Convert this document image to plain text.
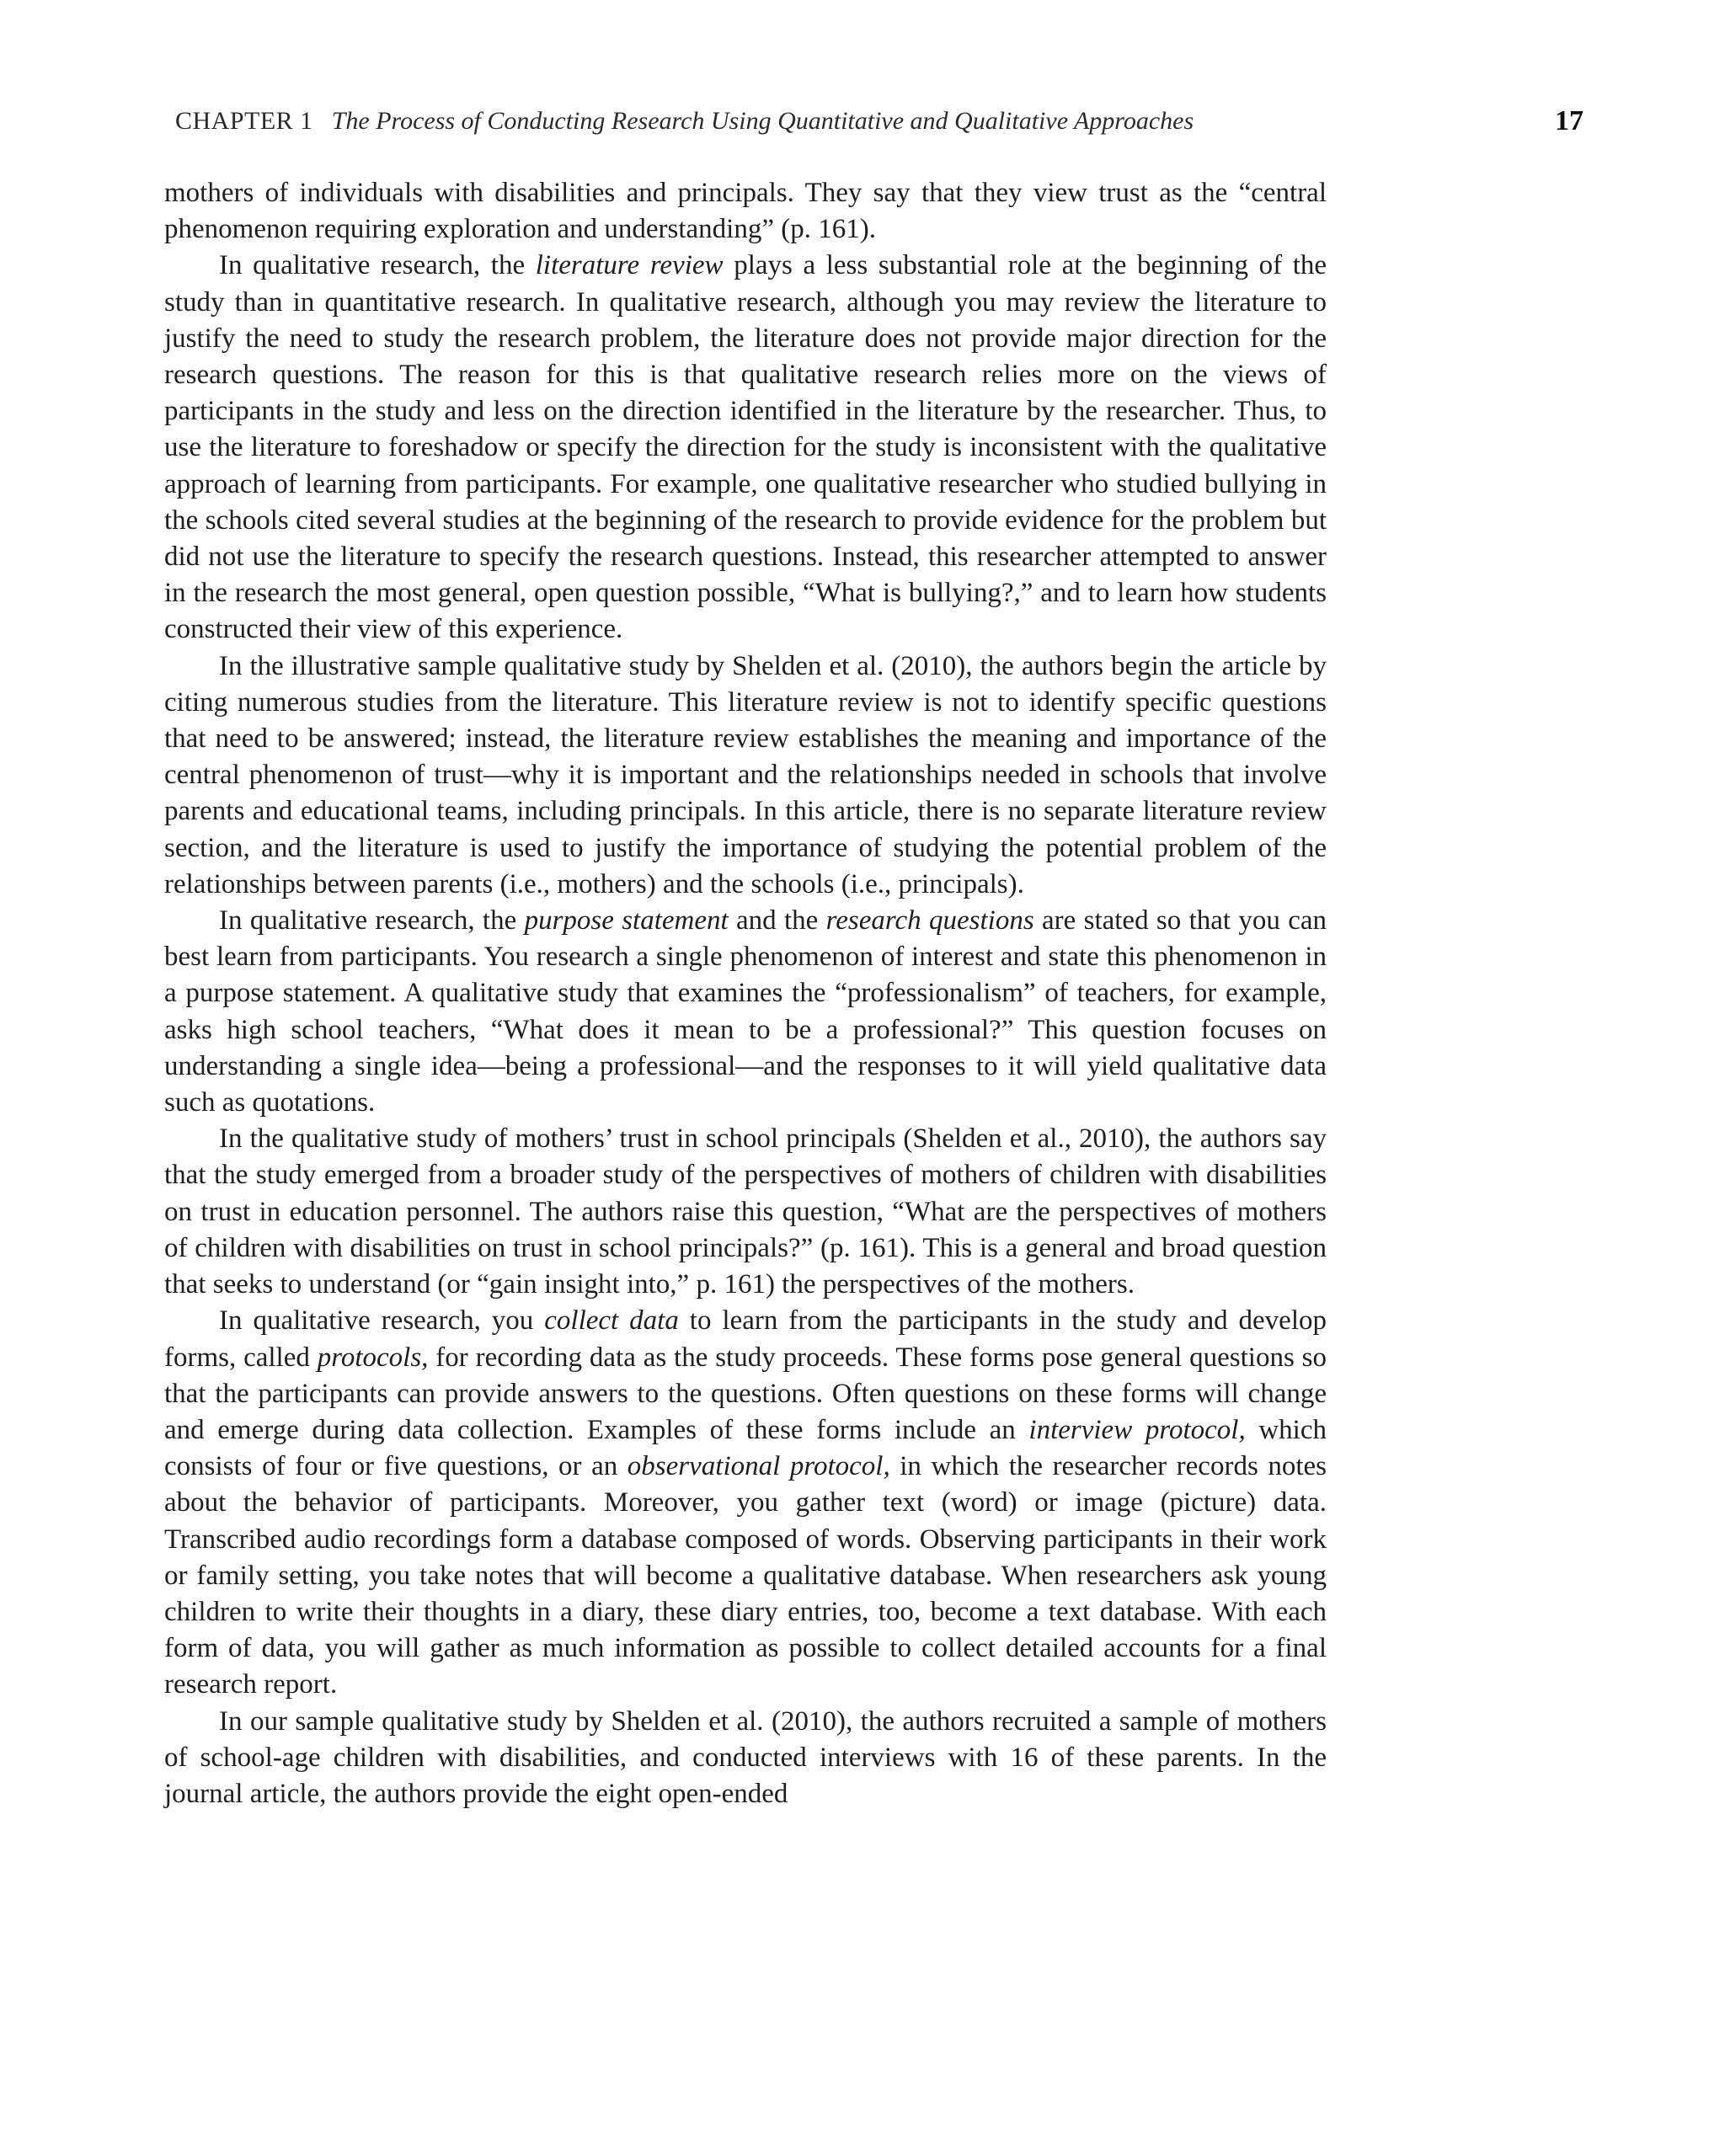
CHAPTER 1 The Process of Conducting Research Using Quantitative and Qualitative Approaches	17

mothers of individuals with disabilities and principals. They say that they view trust as the “central phenomenon requiring exploration and understanding” (p. 161).

In qualitative research, the literature review plays a less substantial role at the beginning of the study than in quantitative research. In qualitative research, although you may review the literature to justify the need to study the research problem, the literature does not provide major direction for the research questions. The reason for this is that qualitative research relies more on the views of participants in the study and less on the direction identified in the literature by the researcher. Thus, to use the literature to foreshadow or specify the direction for the study is inconsistent with the qualitative approach of learning from participants. For example, one qualitative researcher who studied bullying in the schools cited several studies at the beginning of the research to provide evidence for the problem but did not use the literature to specify the research questions. Instead, this researcher attempted to answer in the research the most general, open question possible, “What is bullying?,” and to learn how students constructed their view of this experience.

In the illustrative sample qualitative study by Shelden et al. (2010), the authors begin the article by citing numerous studies from the literature. This literature review is not to identify specific questions that need to be answered; instead, the literature review establishes the meaning and importance of the central phenomenon of trust—why it is important and the relationships needed in schools that involve parents and educational teams, including principals. In this article, there is no separate literature review section, and the literature is used to justify the importance of studying the potential problem of the relationships between parents (i.e., mothers) and the schools (i.e., principals).

In qualitative research, the purpose statement and the research questions are stated so that you can best learn from participants. You research a single phenomenon of interest and state this phenomenon in a purpose statement. A qualitative study that examines the “professionalism” of teachers, for example, asks high school teachers, “What does it mean to be a professional?” This question focuses on understanding a single idea—being a professional—and the responses to it will yield qualitative data such as quotations.

In the qualitative study of mothers’ trust in school principals (Shelden et al., 2010), the authors say that the study emerged from a broader study of the perspectives of mothers of children with disabilities on trust in education personnel. The authors raise this question, “What are the perspectives of mothers of children with disabilities on trust in school principals?” (p. 161). This is a general and broad question that seeks to understand (or “gain insight into,” p. 161) the perspectives of the mothers.

In qualitative research, you collect data to learn from the participants in the study and develop forms, called protocols, for recording data as the study proceeds. These forms pose general questions so that the participants can provide answers to the questions. Often questions on these forms will change and emerge during data collection. Examples of these forms include an interview protocol, which consists of four or five questions, or an observational protocol, in which the researcher records notes about the behavior of participants. Moreover, you gather text (word) or image (picture) data. Transcribed audio recordings form a database composed of words. Observing participants in their work or family setting, you take notes that will become a qualitative database. When researchers ask young children to write their thoughts in a diary, these diary entries, too, become a text database. With each form of data, you will gather as much information as possible to collect detailed accounts for a final research report.

In our sample qualitative study by Shelden et al. (2010), the authors recruited a sample of mothers of school-age children with disabilities, and conducted interviews with 16 of these parents. In the journal article, the authors provide the eight open-ended
